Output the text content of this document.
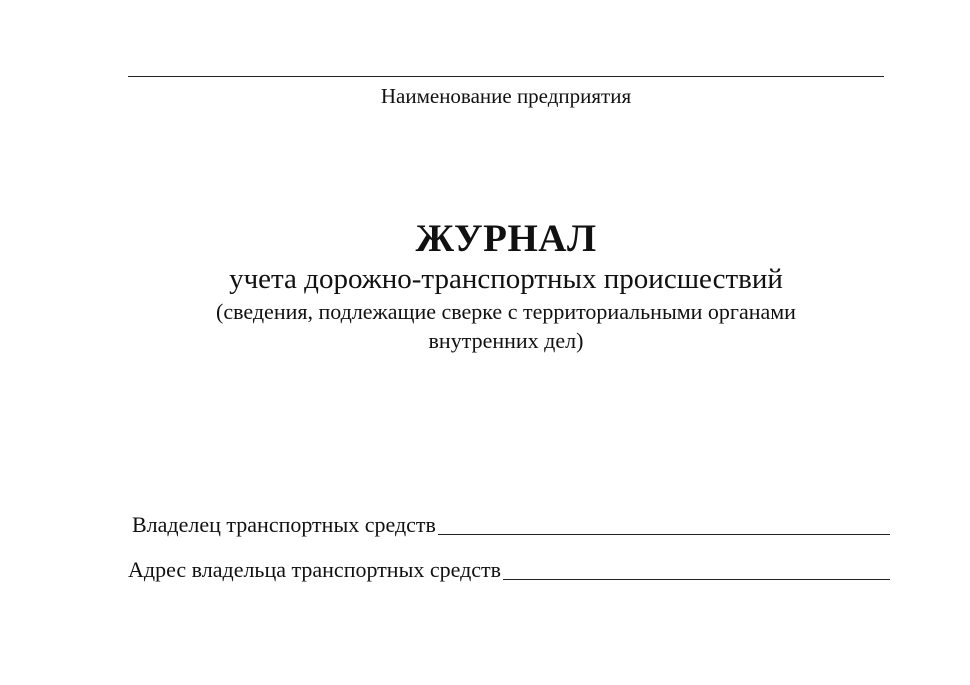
Наименование предприятия
ЖУРНАЛ
учета дорожно-транспортных происшествий
(сведения, подлежащие сверке с территориальными органами
внутренних дел)
Владелец транспортных средств
Адрес владельца транспортных средств
